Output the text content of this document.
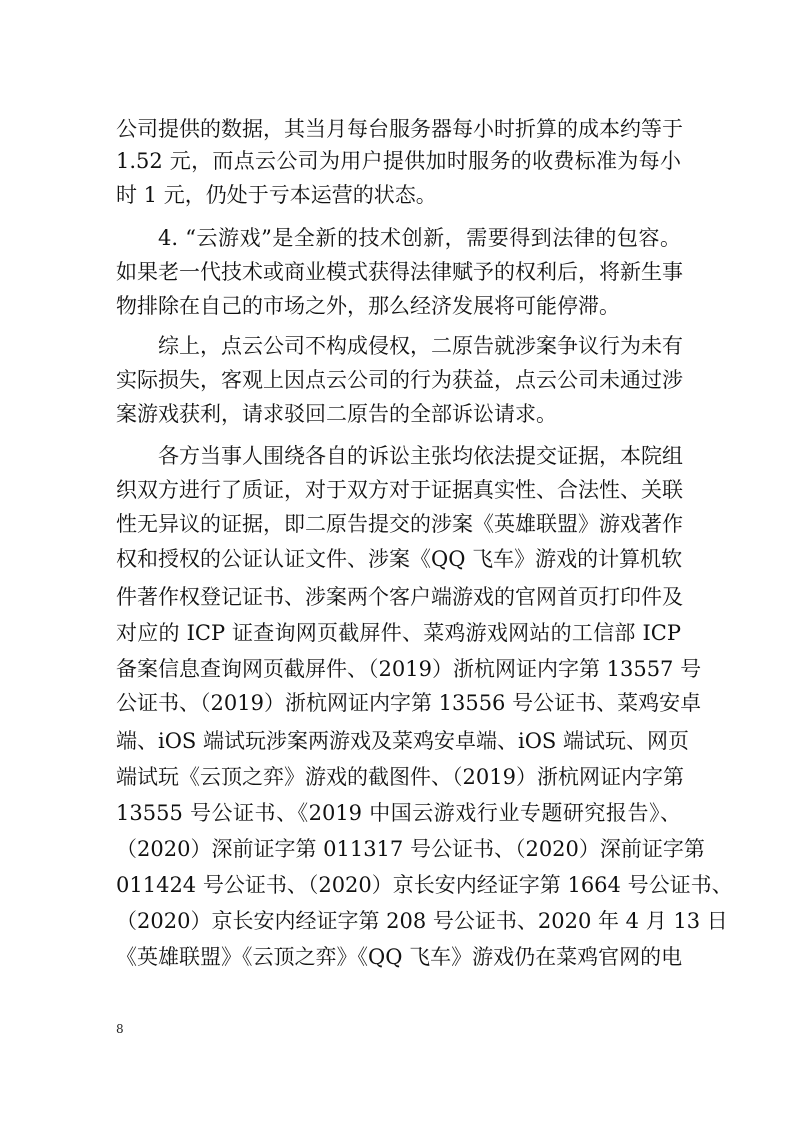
公司提供的数据，其当月每台服务器每小时折算的成本约等于
1.52 元，而点云公司为用户提供加时服务的收费标准为每小
时 1 元，仍处于亏本运营的状态。
4. “云游戏”是全新的技术创新，需要得到法律的包容。
如果老一代技术或商业模式获得法律赋予的权利后，将新生事
物排除在自己的市场之外，那么经济发展将可能停滞。
综上，点云公司不构成侵权，二原告就涉案争议行为未有
实际损失，客观上因点云公司的行为获益，点云公司未通过涉
案游戏获利，请求驳回二原告的全部诉讼请求。
各方当事人围绕各自的诉讼主张均依法提交证据，本院组
织双方进行了质证，对于双方对于证据真实性、合法性、关联
性无异议的证据，即二原告提交的涉案《英雄联盟》游戏著作
权和授权的公证认证文件、涉案《QQ 飞车》游戏的计算机软
件著作权登记证书、涉案两个客户端游戏的官网首页打印件及
对应的 ICP 证查询网页截屏件、菜鸡游戏网站的工信部 ICP
备案信息查询网页截屏件、（2019）浙杭网证内字第 13557 号
公证书、（2019）浙杭网证内字第 13556 号公证书、菜鸡安卓
端、iOS 端试玩涉案两游戏及菜鸡安卓端、iOS 端试玩、网页
端试玩《云顶之弈》游戏的截图件、（2019）浙杭网证内字第
13555 号公证书、《2019 中国云游戏行业专题研究报告》、
（2020）深前证字第 011317 号公证书、（2020）深前证字第
011424 号公证书、（2020）京长安内经证字第 1664 号公证书、
（2020）京长安内经证字第 208 号公证书、2020 年 4 月 13 日
《英雄联盟》《云顶之弈》《QQ 飞车》游戏仍在菜鸡官网的电
8
